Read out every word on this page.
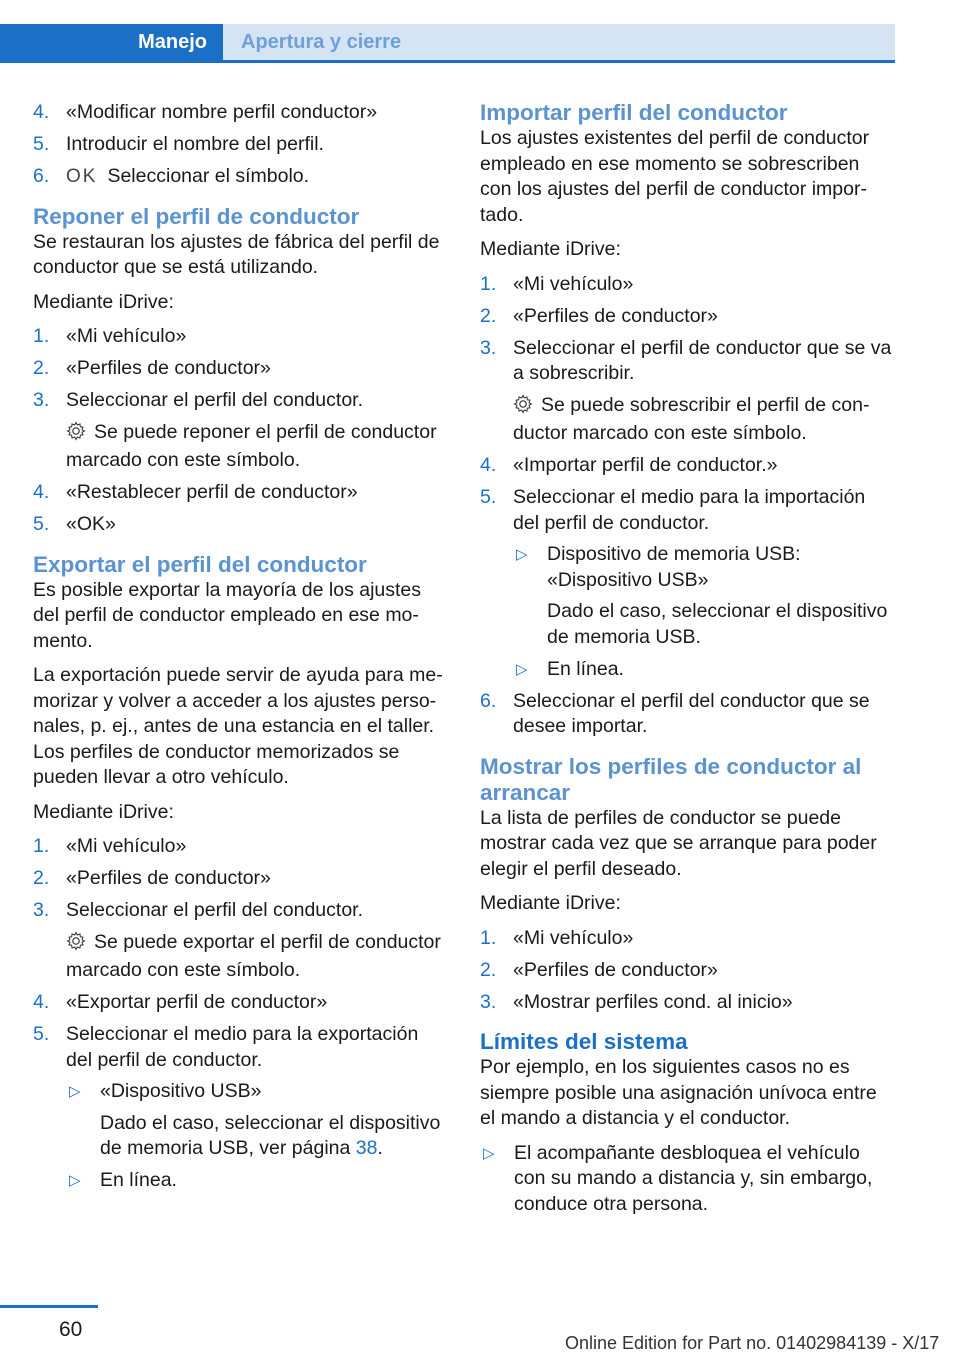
Manejo Apertura y cierre
4. «Modificar nombre perfil conductor»
5. Introducir el nombre del perfil.
6. OK Seleccionar el símbolo.
Reponer el perfil de conductor

Se restauran los ajustes de fábrica del perfil de conductor que se está utilizando.

Mediante iDrive:

1. «Mi vehículo»
2. «Perfiles de conductor»
3. Seleccionar el perfil del conductor.
Se puede reponer el perfil de conductor marcado con este símbolo.
4. «Restablecer perfil de conductor»
5. «OK»
Exportar el perfil del conductor

Es posible exportar la mayoría de los ajustes del perfil de conductor empleado en ese momento.

La exportación puede servir de ayuda para memorizar y volver a acceder a los ajustes personales, p. ej., antes de una estancia en el taller. Los perfiles de conductor memorizados se pueden llevar a otro vehículo.

Mediante iDrive:

1. «Mi vehículo»
2. «Perfiles de conductor»
3. Seleccionar el perfil del conductor.
Se puede exportar el perfil de conductor marcado con este símbolo.
4. «Exportar perfil de conductor»
5. Seleccionar el medio para la exportación del perfil de conductor.
▷ «Dispositivo USB»
Dado el caso, seleccionar el dispositivo de memoria USB, ver página 38.
▷ En línea.
Importar perfil del conductor

Los ajustes existentes del perfil de conductor empleado en ese momento se sobrescriben con los ajustes del perfil de conductor importado.

Mediante iDrive:

1. «Mi vehículo»
2. «Perfiles de conductor»
3. Seleccionar el perfil de conductor que se va a sobrescribir.
Se puede sobrescribir el perfil de conductor marcado con este símbolo.
4. «Importar perfil de conductor.»
5. Seleccionar el medio para la importación del perfil de conductor.
▷ Dispositivo de memoria USB: «Dispositivo USB»
Dado el caso, seleccionar el dispositivo de memoria USB.
▷ En línea.
6. Seleccionar el perfil del conductor que se desee importar.
Mostrar los perfiles de conductor al arrancar

La lista de perfiles de conductor se puede mostrar cada vez que se arranque para poder elegir el perfil deseado.

Mediante iDrive:

1. «Mi vehículo»
2. «Perfiles de conductor»
3. «Mostrar perfiles cond. al inicio»
Límites del sistema

Por ejemplo, en los siguientes casos no es siempre posible una asignación unívoca entre el mando a distancia y el conductor.

▷ El acompañante desbloquea el vehículo con su mando a distancia y, sin embargo, conduce otra persona.
60
Online Edition for Part no. 01402984139 - X/17
